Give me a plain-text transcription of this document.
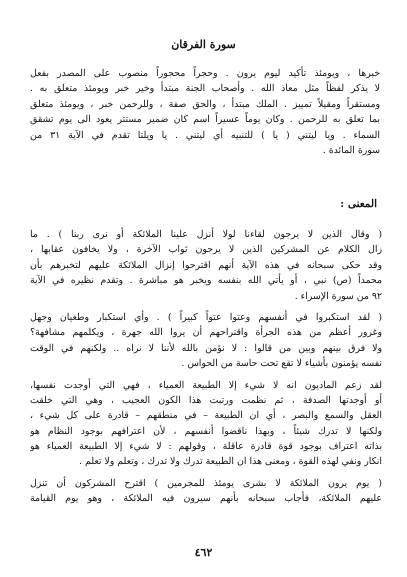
سورة الفرقان
خبرها ، ويومئذ تأكيد ليوم يرون . وحجراً محجوراً منصوب على المصدر بفعل
لا يذكر لفظاً مثل معاذ الله . وأصحاب الجنة مبتدأ وخير خبر ويومئذ متعلق به .
ومستقراً ومقيلاً تمييز . الملك مبتدأ ، والحق صفة ، وللرحمن خبر ، ويومئذ متعلق
بما تعلق به للرحمن . وكان يوماً عسيراً اسم كان ضمير مستتر يعود الى يوم تشقق
السماء . ويا ليتني ( يا ) للتنبيه أي ليتني . يا ويلتا تقدم في الآية ٣١ من
سورة المائدة .
المعنى :
( وقال الذين لا يرجون لقاءنا لولا أنزل علينا الملائكة أو نرى ربنا ) . ما
زال الكلام عن المشركين الذين لا يرجون ثواب الآخرة ، ولا يخافون عقابها ،
وقد حكى سبحانه في هذه الآية أنهم اقترحوا إنزال الملائكة عليهم لتخبرهم بأن
محمداً (ص) نبي ، أو يأتي الله بنفسه ويخبر هو مباشرة . وتقدم نظيره في الآية
٩٢ من سورة الإسراء .
( لقد استكبروا في أنفسهم وعتوا عتواً كبيراً ) . وأي استكبار وطغيان وجهل
وغرور أعظم من هذه الجرأة واقتراحهم أن يروا الله جهرة ، ويكلمهم مشافهة؟
ولا فرق بينهم وبين من قالوا : لا نؤمن بالله لأننا لا نراه .. ولكنهم في الوقت
نفسه يؤمنون بأشياء لا تقع تحت حاسة من الحواس .
لقد زعم الماديون انه لا شيء إلا الطبيعة العمياء ، فهي التي أوجدت نفسها،
أو أوجدتها الصدفة ، ثم نظمت ورتبت هذا الكون العجيب ، وهي التي خلقت
العقل والسمع والبصر ، أي ان الطبيعة – في منطقهم – قادرة على كل شيء ،
ولكنها لا تدرك شيئاً ، وبهذا ناقضوا أنفسهم ، لأن اعترافهم بوجود النظام هو
بذاته اعتراف بوجود قوة قادرة عاقلة ، وقولهم : لا شيء إلا الطبيعة العمياء هو
انكار ونفي لهذه القوة ، ومعنى هذا ان الطبيعة تدرك ولا تدرك ، وتعلم ولا تعلم .
( يوم يرون الملائكة لا بشرى يومئذ للمجرمين ) اقترح المشركون أن تنزل
عليهم الملائكة، فأجاب سبحانه بأنهم سيرون فيه الملائكة ، وهو يوم القيامة
٤٦٢
